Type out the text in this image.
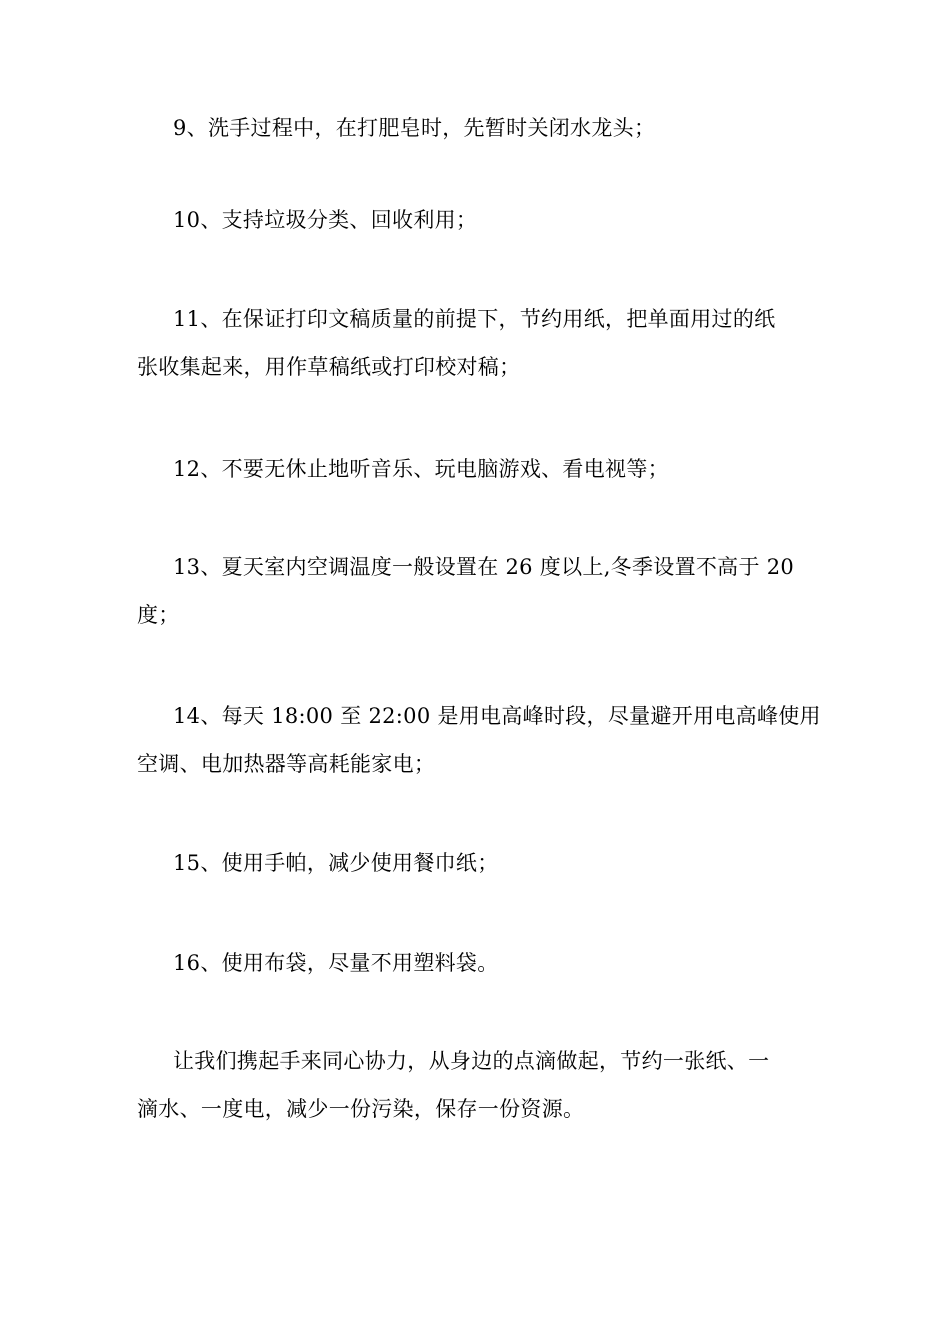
9、洗手过程中，在打肥皂时，先暂时关闭水龙头；

10、支持垃圾分类、回收利用；

11、在保证打印文稿质量的前提下，节约用纸，把单面用过的纸
张收集起来，用作草稿纸或打印校对稿；

12、不要无休止地听音乐、玩电脑游戏、看电视等；

13、夏天室内空调温度一般设置在 26 度以上,冬季设置不高于 20
度；

14、每天 18:00 至 22:00 是用电高峰时段，尽量避开用电高峰使用
空调、电加热器等高耗能家电；

15、使用手帕，减少使用餐巾纸；

16、使用布袋，尽量不用塑料袋。

让我们携起手来同心协力，从身边的点滴做起，节约一张纸、一
滴水、一度电，减少一份污染，保存一份资源。
